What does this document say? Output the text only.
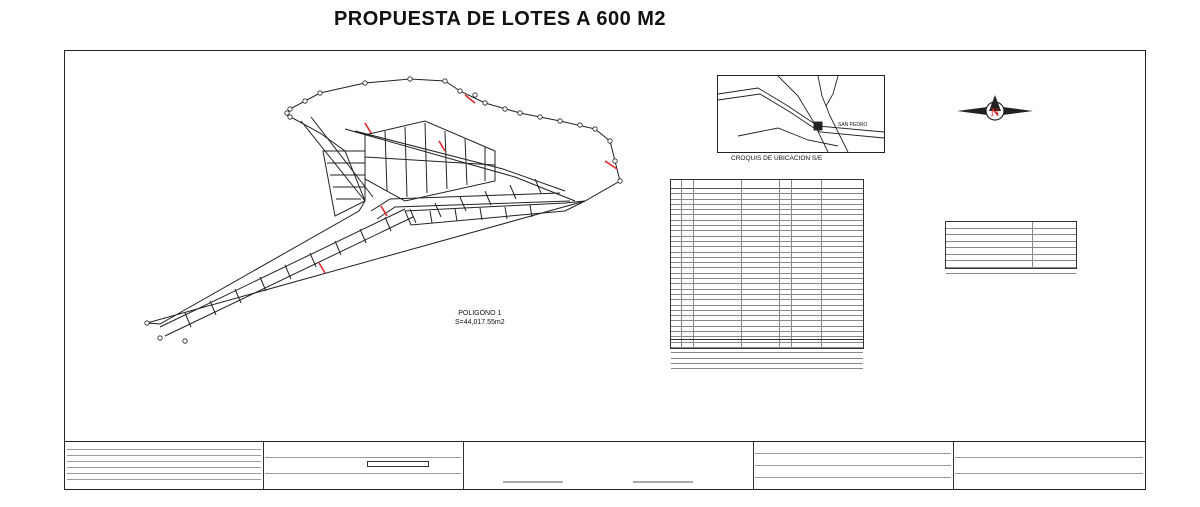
PROPUESTA DE LOTES A 600 M2
POLIGONO 1
S=44,017.55m2
SAN PEDRO
CROQUIS DE UBICACION S/E
N
